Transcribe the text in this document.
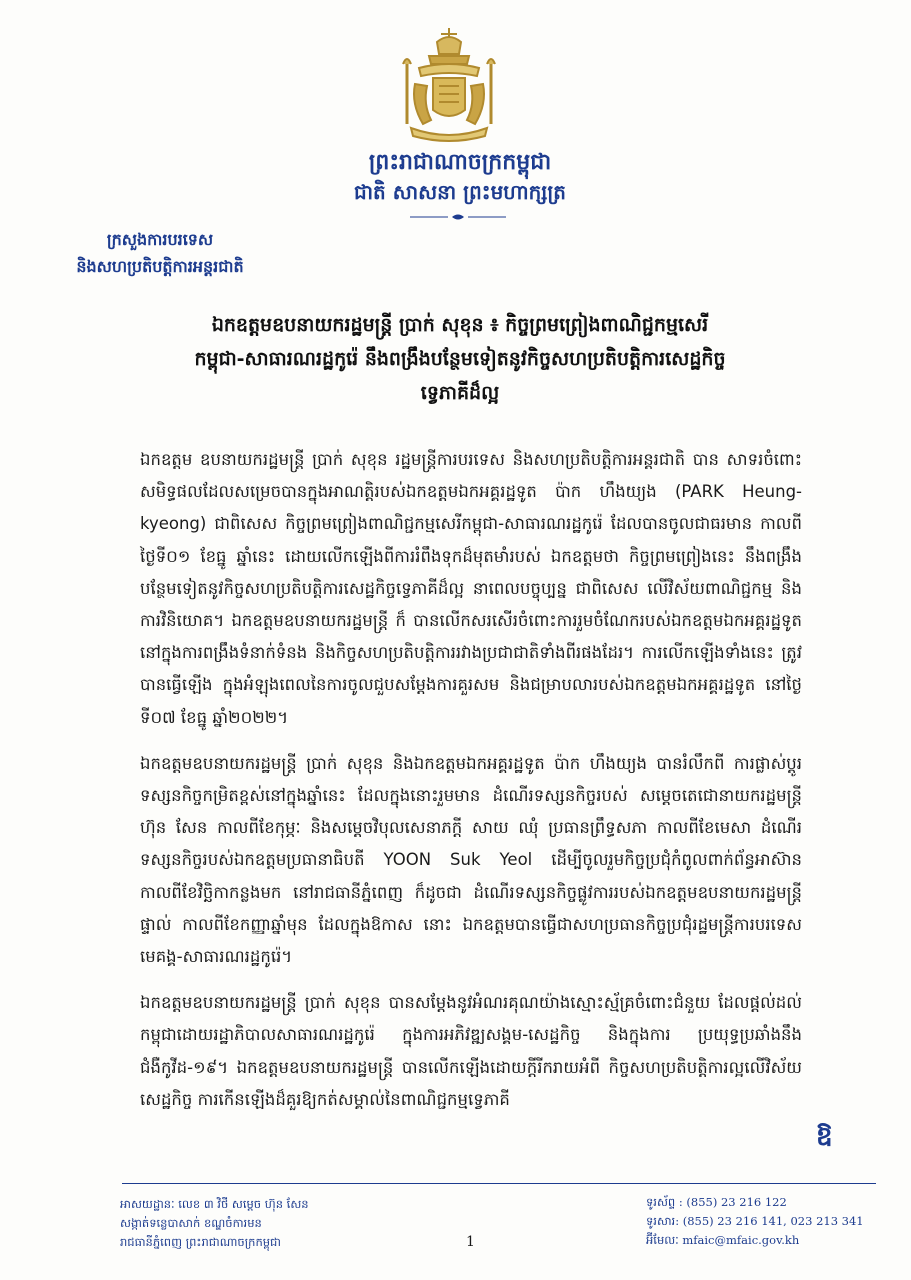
ព្រះរាជាណាចក្រកម្ពុជា
ជាតិ សាសនា ព្រះមហាក្សត្រ
ក្រសួងការបរទេស
និងសហប្រតិបត្តិការអន្តរជាតិ
ឯកឧត្តមឧបនាយករដ្ឋមន្ត្រី ប្រាក់ សុខុន ៖ កិច្ចព្រមព្រៀងពាណិជ្ជកម្មសេរី
កម្ពុជា-សាធារណរដ្ឋកូរ៉េ នឹងពង្រឹងបន្ថែមទៀតនូវកិច្ចសហប្រតិបត្តិការសេដ្ឋកិច្ច
ទ្វេភាគីដ៏ល្អ

ឯកឧត្តម ឧបនាយករដ្ឋមន្ត្រី ប្រាក់ សុខុន រដ្ឋមន្ត្រីការបរទេស និងសហប្រតិបត្តិការអន្តរជាតិ បាន សាទរចំពោះសមិទ្ធផលដែលសម្រេចបានក្នុងអាណត្តិរបស់ឯកឧត្តមឯកអគ្គរដ្ឋទូត ប៉ាក ហឹងយ្យង (PARK Heung-kyeong) ជាពិសេស កិច្ចព្រមព្រៀងពាណិជ្ជកម្មសេរីកម្ពុជា-សាធារណរដ្ឋកូរ៉េ ដែលបានចូលជាធរមាន កាលពីថ្ងៃទី០១ ខែធ្នូ ឆ្នាំនេះ ដោយលើកឡើងពីការរំពឹងទុកដ៏មុតមាំរបស់ ឯកឧត្តមថា កិច្ចព្រមព្រៀងនេះ នឹងពង្រឹងបន្ថែមទៀតនូវកិច្ចសហប្រតិបត្តិការសេដ្ឋកិច្ចទ្វេភាគីដ៏ល្អ នាពេលបច្ចុប្បន្ន ជាពិសេស លើវិស័យពាណិជ្ជកម្ម និងការវិនិយោគ។ ឯកឧត្តមឧបនាយករដ្ឋមន្ត្រី ក៏ បានលើកសរសើរចំពោះការរួមចំណែករបស់ឯកឧត្តមឯកអគ្គរដ្ឋទូត នៅក្នុងការពង្រឹងទំនាក់ទំនង និងកិច្ចសហប្រតិបត្តិការរវាងប្រជាជាតិទាំងពីរផងដែរ។ ការលើកឡើងទាំងនេះ ត្រូវបានធ្វើឡើង ក្នុងអំឡុងពេលនៃការចូលជួបសម្តែងការគួរសម និងជម្រាបលារបស់ឯកឧត្តមឯកអគ្គរដ្ឋទូត នៅថ្ងៃ ទី០៧ ខែធ្នូ ឆ្នាំ២០២២។

ឯកឧត្តមឧបនាយករដ្ឋមន្ត្រី ប្រាក់ សុខុន និងឯកឧត្តមឯកអគ្គរដ្ឋទូត ប៉ាក ហឹងយ្យង បានរំលឹកពី ការផ្លាស់ប្តូរទស្សនកិច្ចកម្រិតខ្ពស់នៅក្នុងឆ្នាំនេះ ដែលក្នុងនោះរួមមាន ដំណើរទស្សនកិច្ចរបស់ សម្តេចតេជោនាយករដ្ឋមន្ត្រី ហ៊ុន សែន កាលពីខែកុម្ភៈ និងសម្តេចវិបុលសេនាភក្តី សាយ ឈុំ ប្រធានព្រឹទ្ធសភា កាលពីខែមេសា ដំណើរទស្សនកិច្ចរបស់ឯកឧត្តមប្រធានាធិបតី YOON Suk Yeol ដើម្បីចូលរួមកិច្ចប្រជុំកំពូលពាក់ព័ន្ធអាស៊ាន កាលពីខែវិច្ឆិកាកន្លងមក នៅរាជធានីភ្នំពេញ ក៏ដូចជា ដំណើរទស្សនកិច្ចផ្លូវការរបស់ឯកឧត្តមឧបនាយករដ្ឋមន្ត្រីផ្ទាល់ កាលពីខែកញ្ញាឆ្នាំមុន ដែលក្នុងឱកាស នោះ ឯកឧត្តមបានធ្វើជាសហប្រធានកិច្ចប្រជុំរដ្ឋមន្ត្រីការបរទេសមេគង្គ-សាធារណរដ្ឋកូរ៉េ។

ឯកឧត្តមឧបនាយករដ្ឋមន្ត្រី ប្រាក់ សុខុន បានសម្តែងនូវអំណរគុណយ៉ាងស្មោះស្ម័គ្រចំពោះជំនួយ ដែលផ្តល់ដល់កម្ពុជាដោយរដ្ឋាភិបាលសាធារណរដ្ឋកូរ៉េ ក្នុងការអភិវឌ្ឍសង្គម-សេដ្ឋកិច្ច និងក្នុងការ ប្រយុទ្ធប្រឆាំងនឹងជំងឺកូវីដ-១៩។ ឯកឧត្តមឧបនាយករដ្ឋមន្ត្រី បានលើកឡើងដោយក្តីរីករាយអំពី កិច្ចសហប្រតិបត្តិការល្អលើវិស័យសេដ្ឋកិច្ច ការកើនឡើងដ៏គួរឱ្យកត់សម្គាល់នៃពាណិជ្ជកម្មទ្វេភាគី

ឱ
អាសយដ្ឋានៈ លេខ ៣ វិថី សម្តេច ហ៊ុន សែន
សង្កាត់ទន្លេបាសាក់ ខណ្ឌចំការមន
រាជធានីភ្នំពេញ ព្រះរាជាណាចក្រកម្ពុជា	1
ទូរស័ព្ទ : (855) 23 216 122
ទូរសារ: (855) 23 216 141, 023 213 341
អ៊ីមែលៈ mfaic@mfaic.gov.kh
